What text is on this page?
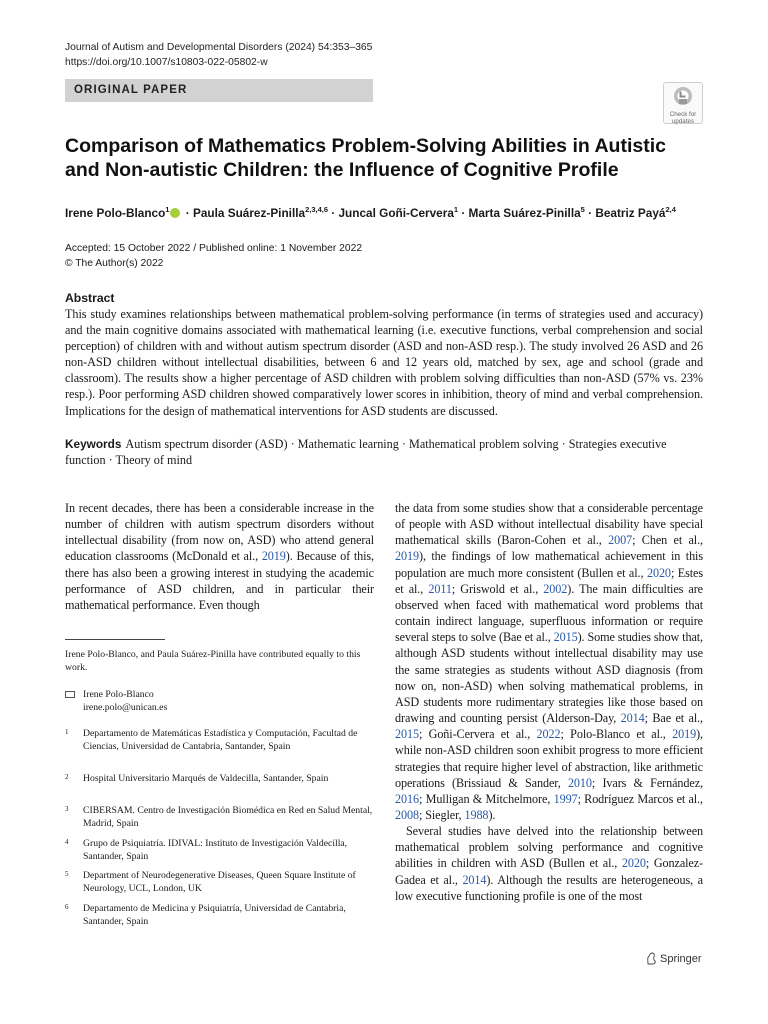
Journal of Autism and Developmental Disorders (2024) 54:353–365
https://doi.org/10.1007/s10803-022-05802-w
ORIGINAL PAPER
Check for
updates
Comparison of Mathematics Problem-Solving Abilities in Autistic and Non-autistic Children: the Influence of Cognitive Profile
Irene Polo-Blanco$^1$ · Paula Suárez-Pinilla$^{2,3,4,6}$ · Juncal Goñi-Cervera$^1$ · Marta Suárez-Pinilla$^5$ · Beatriz Payá$^{2,4}$
Accepted: 15 October 2022 / Published online: 1 November 2022
© The Author(s) 2022
Abstract

This study examines relationships between mathematical problem-solving performance (in terms of strategies used and accuracy) and the main cognitive domains associated with mathematical learning (i.e. executive functions, verbal comprehension and social perception) of children with and without autism spectrum disorder (ASD and non-ASD resp.). The study involved 26 ASD and 26 non-ASD children without intellectual disabilities, between 6 and 12 years old, matched by sex, age and school (grade and classroom). The results show a higher percentage of ASD children with problem solving difficulties than non-ASD (57% vs. 23% resp.). Poor performing ASD children showed comparatively lower scores in inhibition, theory of mind and verbal comprehension. Implications for the design of mathematical interventions for ASD students are discussed.

Keywords Autism spectrum disorder (ASD) · Mathematic learning · Mathematical problem solving · Strategies executive function · Theory of mind

In recent decades, there has been a considerable increase in the number of children with autism spectrum disorders without intellectual disability (from now on, ASD) who attend general education classrooms (McDonald et al., 2019). Because of this, there has also been a growing interest in studying the academic performance of ASD children, and in particular their mathematical performance. Even though

Irene Polo-Blanco, and Paula Suárez-Pinilla have contributed equally to this work.
Irene Polo-Blanco
irene.polo@unican.es
1 Departamento de Matemáticas Estadística y Computación, Facultad de Ciencias, Universidad de Cantabria, Santander, Spain
2 Hospital Universitario Marqués de Valdecilla, Santander, Spain
3 CIBERSAM. Centro de Investigación Biomédica en Red en Salud Mental, Madrid, Spain
4 Grupo de Psiquiatría. IDIVAL: Instituto de Investigación Valdecilla, Santander, Spain
5 Department of Neurodegenerative Diseases, Queen Square Institute of Neurology, UCL, London, UK
6 Departamento de Medicina y Psiquiatría, Universidad de Cantabria, Santander, Spain

the data from some studies show that a considerable percentage of people with ASD without intellectual disability have special mathematical skills (Baron-Cohen et al., 2007; Chen et al., 2019), the findings of low mathematical achievement in this population are much more consistent (Bullen et al., 2020; Estes et al., 2011; Griswold et al., 2002). The main difficulties are observed when faced with mathematical word problems that contain indirect language, superfluous information or require several steps to solve (Bae et al., 2015). Some studies show that, although ASD students without intellectual disability may use the same strategies as students without ASD diagnosis (from now on, non-ASD) when solving mathematical problems, in ASD students more rudimentary strategies like those based on drawing and counting persist (Alderson-Day, 2014; Bae et al., 2015; Goñi-Cervera et al., 2022; Polo-Blanco et al., 2019), while non-ASD children soon exhibit progress to more efficient strategies that require higher level of abstraction, like arithmetic operations (Brissiaud & Sander, 2010; Ivars & Fernández, 2016; Mulligan & Mitchelmore, 1997; Rodríguez Marcos et al., 2008; Siegler, 1988).

Several studies have delved into the relationship between mathematical problem solving performance and cognitive abilities in children with ASD (Bullen et al., 2020; Gonzalez-Gadea et al., 2014). Although the results are heterogeneous, a low executive functioning profile is one of the most

Springer
